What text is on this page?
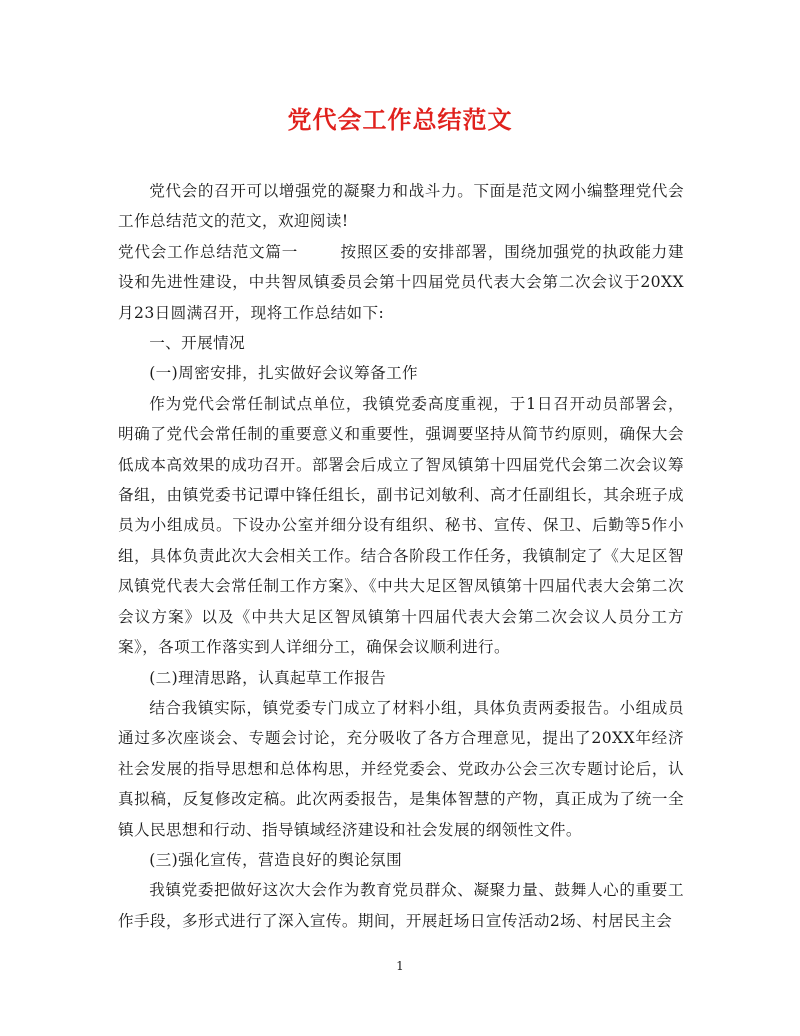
党代会工作总结范文

党代会的召开可以增强党的凝聚力和战斗力。下面是范文网小编整理党代会工作总结范文的范文，欢迎阅读!

党代会工作总结范文篇一	按照区委的安排部署，围绕加强党的执政能力建设和先进性建设，中共智凤镇委员会第十四届党员代表大会第二次会议于20XX月23日圆满召开，现将工作总结如下:

一、开展情况

(一)周密安排，扎实做好会议筹备工作

作为党代会常任制试点单位，我镇党委高度重视，于1日召开动员部署会，明确了党代会常任制的重要意义和重要性，强调要坚持从简节约原则，确保大会低成本高效果的成功召开。部署会后成立了智凤镇第十四届党代会第二次会议筹备组，由镇党委书记谭中锋任组长，副书记刘敏利、高才任副组长，其余班子成员为小组成员。下设办公室并细分设有组织、秘书、宣传、保卫、后勤等5作小组，具体负责此次大会相关工作。结合各阶段工作任务，我镇制定了《大足区智凤镇党代表大会常任制工作方案》、《中共大足区智凤镇第十四届代表大会第二次会议方案》以及《中共大足区智凤镇第十四届代表大会第二次会议人员分工方案》，各项工作落实到人详细分工，确保会议顺利进行。

(二)理清思路，认真起草工作报告

结合我镇实际，镇党委专门成立了材料小组，具体负责两委报告。小组成员通过多次座谈会、专题会讨论，充分吸收了各方合理意见，提出了20XX年经济社会发展的指导思想和总体构思，并经党委会、党政办公会三次专题讨论后，认真拟稿，反复修改定稿。此次两委报告，是集体智慧的产物，真正成为了统一全镇人民思想和行动、指导镇域经济建设和社会发展的纲领性文件。

(三)强化宣传，营造良好的舆论氛围

我镇党委把做好这次大会作为教育党员群众、凝聚力量、鼓舞人心的重要工作手段，多形式进行了深入宣传。期间，开展赶场日宣传活动2场、村居民主会

1
